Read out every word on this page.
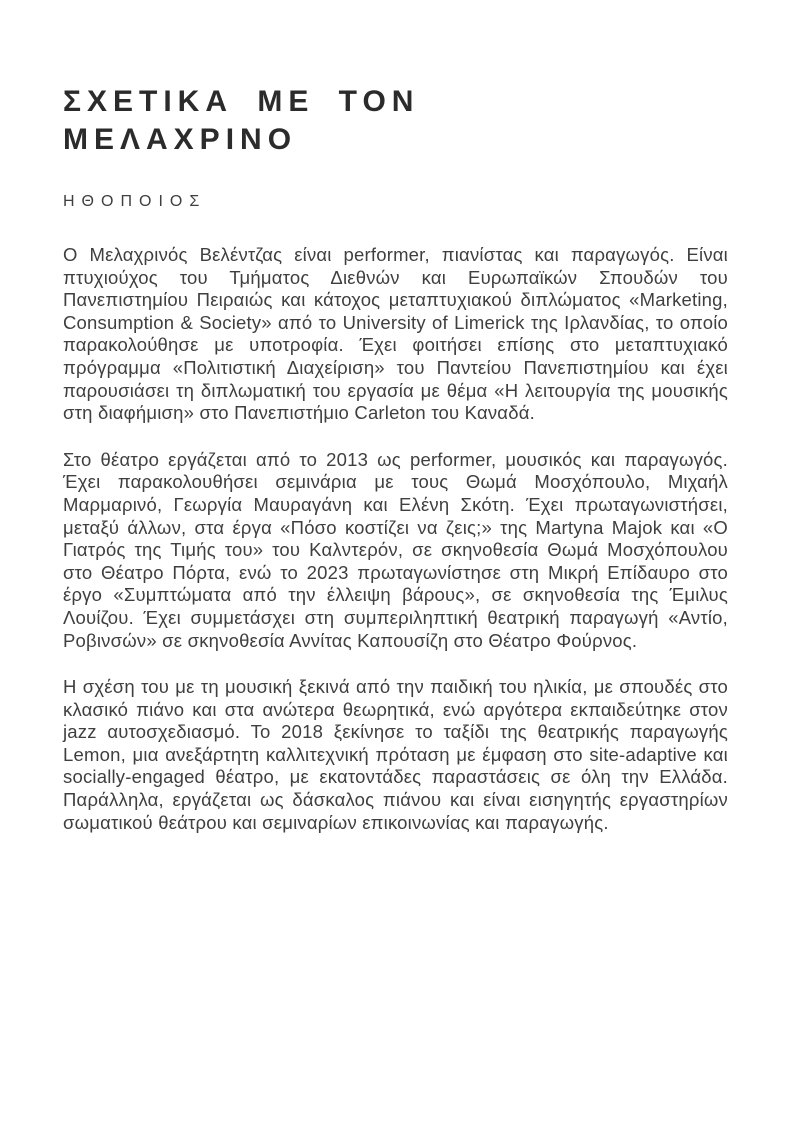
ΣΧΕΤΙΚΑ ΜΕ ΤΟΝ
ΜΕΛΑΧΡΙΝΟ
ΗΘΟΠΟΙΟΣ

Ο Μελαχρινός Βελέντζας είναι performer, πιανίστας και παραγωγός. Είναι πτυχιούχος του Τμήματος Διεθνών και Ευρωπαϊκών Σπουδών του Πανεπιστημίου Πειραιώς και κάτοχος μεταπτυχιακού διπλώματος «Marketing, Consumption & Society» από το University of Limerick της Ιρλανδίας, το οποίο παρακολούθησε με υποτροφία. Έχει φοιτήσει επίσης στο μεταπτυχιακό πρόγραμμα «Πολιτιστική Διαχείριση» του Παντείου Πανεπιστημίου και έχει παρουσιάσει τη διπλωματική του εργασία με θέμα «Η λειτουργία της μουσικής στη διαφήμιση» στο Πανεπιστήμιο Carleton του Καναδά.

Στο θέατρο εργάζεται από το 2013 ως performer, μουσικός και παραγωγός. Έχει παρακολουθήσει σεμινάρια με τους Θωμά Μοσχόπουλο, Μιχαήλ Μαρμαρινό, Γεωργία Μαυραγάνη και Ελένη Σκότη. Έχει πρωταγωνιστήσει, μεταξύ άλλων, στα έργα «Πόσο κοστίζει να ζεις;» της Martyna Majok και «Ο Γιατρός της Τιμής του» του Καλντερόν, σε σκηνοθεσία Θωμά Μοσχόπουλου στο Θέατρο Πόρτα, ενώ το 2023 πρωταγωνίστησε στη Μικρή Επίδαυρο στο έργο «Συμπτώματα από την έλλειψη βάρους», σε σκηνοθεσία της Έμιλυς Λουίζου. Έχει συμμετάσχει στη συμπεριληπτική θεατρική παραγωγή «Αντίο, Ροβινσών» σε σκηνοθεσία Αννίτας Καπουσίζη στο Θέατρο Φούρνος.

Η σχέση του με τη μουσική ξεκινά από την παιδική του ηλικία, με σπουδές στο κλασικό πιάνο και στα ανώτερα θεωρητικά, ενώ αργότερα εκπαιδεύτηκε στον jazz αυτοσχεδιασμό. Το 2018 ξεκίνησε το ταξίδι της θεατρικής παραγωγής Lemon, μια ανεξάρτητη καλλιτεχνική πρόταση με έμφαση στο site-adaptive και socially-engaged θέατρο, με εκατοντάδες παραστάσεις σε όλη την Ελλάδα. Παράλληλα, εργάζεται ως δάσκαλος πιάνου και είναι εισηγητής εργαστηρίων σωματικού θεάτρου και σεμιναρίων επικοινωνίας και παραγωγής.
